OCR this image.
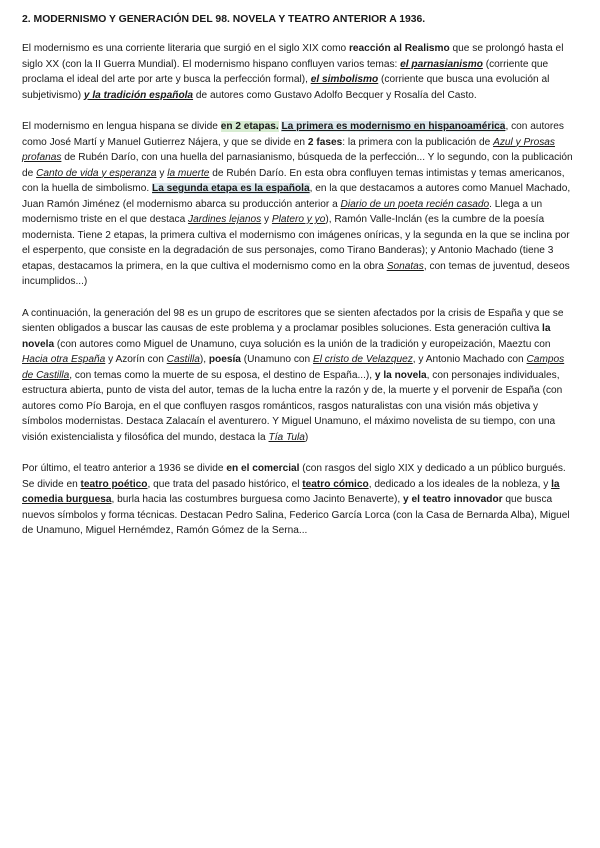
2. MODERNISMO Y GENERACIÓN DEL 98. NOVELA Y TEATRO ANTERIOR A 1936.

El modernismo es una corriente literaria que surgió en el siglo XIX como reacción al Realismo que se prolongó hasta el siglo XX (con la II Guerra Mundial). El modernismo hispano confluyen varios temas: el parnasianismo (corriente que proclama el ideal del arte por arte y busca la perfección formal), el simbolismo (corriente que busca una evolución al subjetivismo) y la tradición española de autores como Gustavo Adolfo Becquer y Rosalía del Casto.

El modernismo en lengua hispana se divide en 2 etapas. La primera es modernismo en hispanoamérica, con autores como José Martí y Manuel Gutierrez Nájera, y que se divide en 2 fases: la primera con la publicación de Azul y Prosas profanas de Rubén Darío, con una huella del parnasianismo, búsqueda de la perfección... Y lo segundo, con la publicación de Canto de vida y esperanza y la muerte de Rubén Darío. En esta obra confluyen temas intimistas y temas americanos, con la huella de simbolismo. La segunda etapa es la española, en la que destacamos a autores como Manuel Machado, Juan Ramón Jiménez (el modernismo abarca su producción anterior a Diario de un poeta recién casado. Llega a un modernismo triste en el que destaca Jardines lejanos y Platero y yo), Ramón Valle-Inclán (es la cumbre de la poesía modernista. Tiene 2 etapas, la primera cultiva el modernismo con imágenes oníricas, y la segunda en la que se inclina por el esperpento, que consiste en la degradación de sus personajes, como Tirano Banderas); y Antonio Machado (tiene 3 etapas, destacamos la primera, en la que cultiva el modernismo como en la obra Sonatas, con temas de juventud, deseos incumplidos...)

A continuación, la generación del 98 es un grupo de escritores que se sienten afectados por la crisis de España y que se sienten obligados a buscar las causas de este problema y a proclamar posibles soluciones. Esta generación cultiva la novela (con autores como Miguel de Unamuno, cuya solución es la unión de la tradición y europeización, Maeztu con Hacia otra España y Azorín con Castilla), poesía (Unamuno con El cristo de Velazquez, y Antonio Machado con Campos de Castilla, con temas como la muerte de su esposa, el destino de España...), y la novela, con personajes individuales, estructura abierta, punto de vista del autor, temas de la lucha entre la razón y de, la muerte y el porvenir de España (con autores como Pío Baroja, en el que confluyen rasgos románticos, rasgos naturalistas con una visión más objetiva y símbolos modernistas. Destaca Zalacaín el aventurero. Y Miguel Unamuno, el máximo novelista de su tiempo, con una visión existencialista y filosófica del mundo, destaca la Tía Tula)

Por último, el teatro anterior a 1936 se divide en el comercial (con rasgos del siglo XIX y dedicado a un público burgués. Se divide en teatro poético, que trata del pasado histórico, el teatro cómico, dedicado a los ideales de la nobleza, y la comedia burguesa, burla hacia las costumbres burguesa como Jacinto Benaverte), y el teatro innovador que busca nuevos símbolos y forma técnicas. Destacan Pedro Salina, Federico García Lorca (con la Casa de Bernarda Alba), Miguel de Unamuno, Miguel Hernémdez, Ramón Gómez de la Serna...
